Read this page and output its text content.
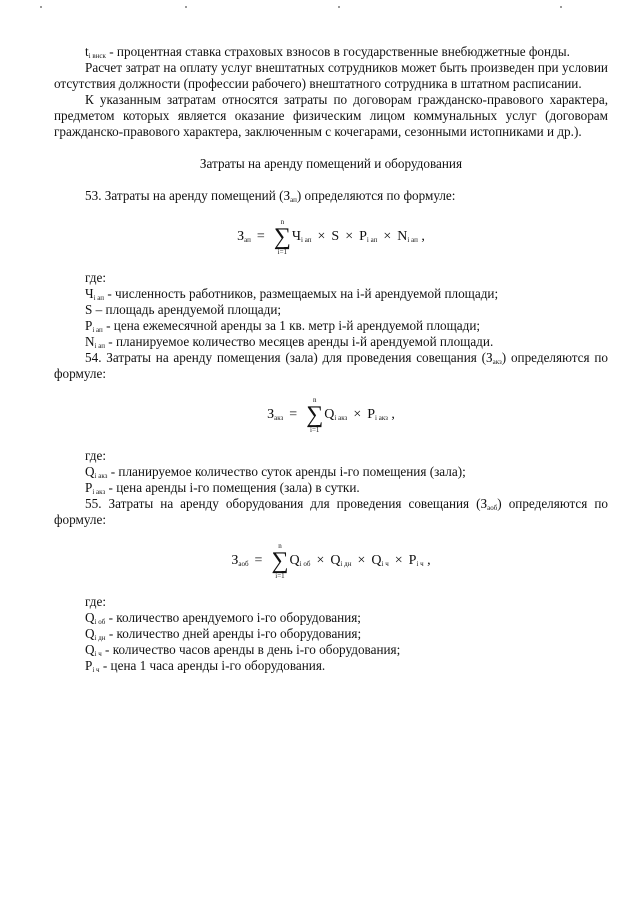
$t_{i внск}$ - процентная ставка страховых взносов в государственные внебюджетные фонды.

Расчет затрат на оплату услуг внештатных сотрудников может быть произведен при условии отсутствия должности (профессии рабочего) внештатного сотрудника в штатном расписании.

К указанным затратам относятся затраты по договорам гражданско-правового характера, предметом которых является оказание физическим лицом коммунальных услуг (договорам гражданско-правового характера, заключенным с кочегарами, сезонными истопниками и др.).

Затраты на аренду помещений и оборудования

53. Затраты на аренду помещений $(З_{ап})$ определяются по формуле:

$З_{ап}$ =
n
∑
i=1
$Ч_{i ап} \times S \times P_{i ап} \times N_{i ап}$ ,

где:

$Ч_{i ап}$ - численность работников, размещаемых на i-й арендуемой площади;

S – площадь арендуемой площади;

$P_{i ап}$ - цена ежемесячной аренды за 1 кв. метр i-й арендуемой площади;

$N_{i ап}$ - планируемое количество месяцев аренды i-й арендуемой площади.

54. Затраты на аренду помещения (зала) для проведения совещания $(З_{акз})$ определяются по формуле:

$З_{акз}$ =
n
∑
i=1
$Q_{i акз} \times P_{i акз}$ ,

где:

$Q_{i акз}$ - планируемое количество суток аренды i-го помещения (зала);

$P_{i акз}$ - цена аренды i-го помещения (зала) в сутки.

55. Затраты на аренду оборудования для проведения совещания $(З_{аоб})$ определяются по формуле:

$З_{аоб}$ =
n
∑
i=1
$Q_{i об} \times Q_{i дн} \times Q_{i ч} \times P_{i ч}$ ,

где:

$Q_{i об}$ - количество арендуемого i-го оборудования;

$Q_{i дн}$ - количество дней аренды i-го оборудования;

$Q_{i ч}$ - количество часов аренды в день i-го оборудования;

$P_{i ч}$ - цена 1 часа аренды i-го оборудования.
